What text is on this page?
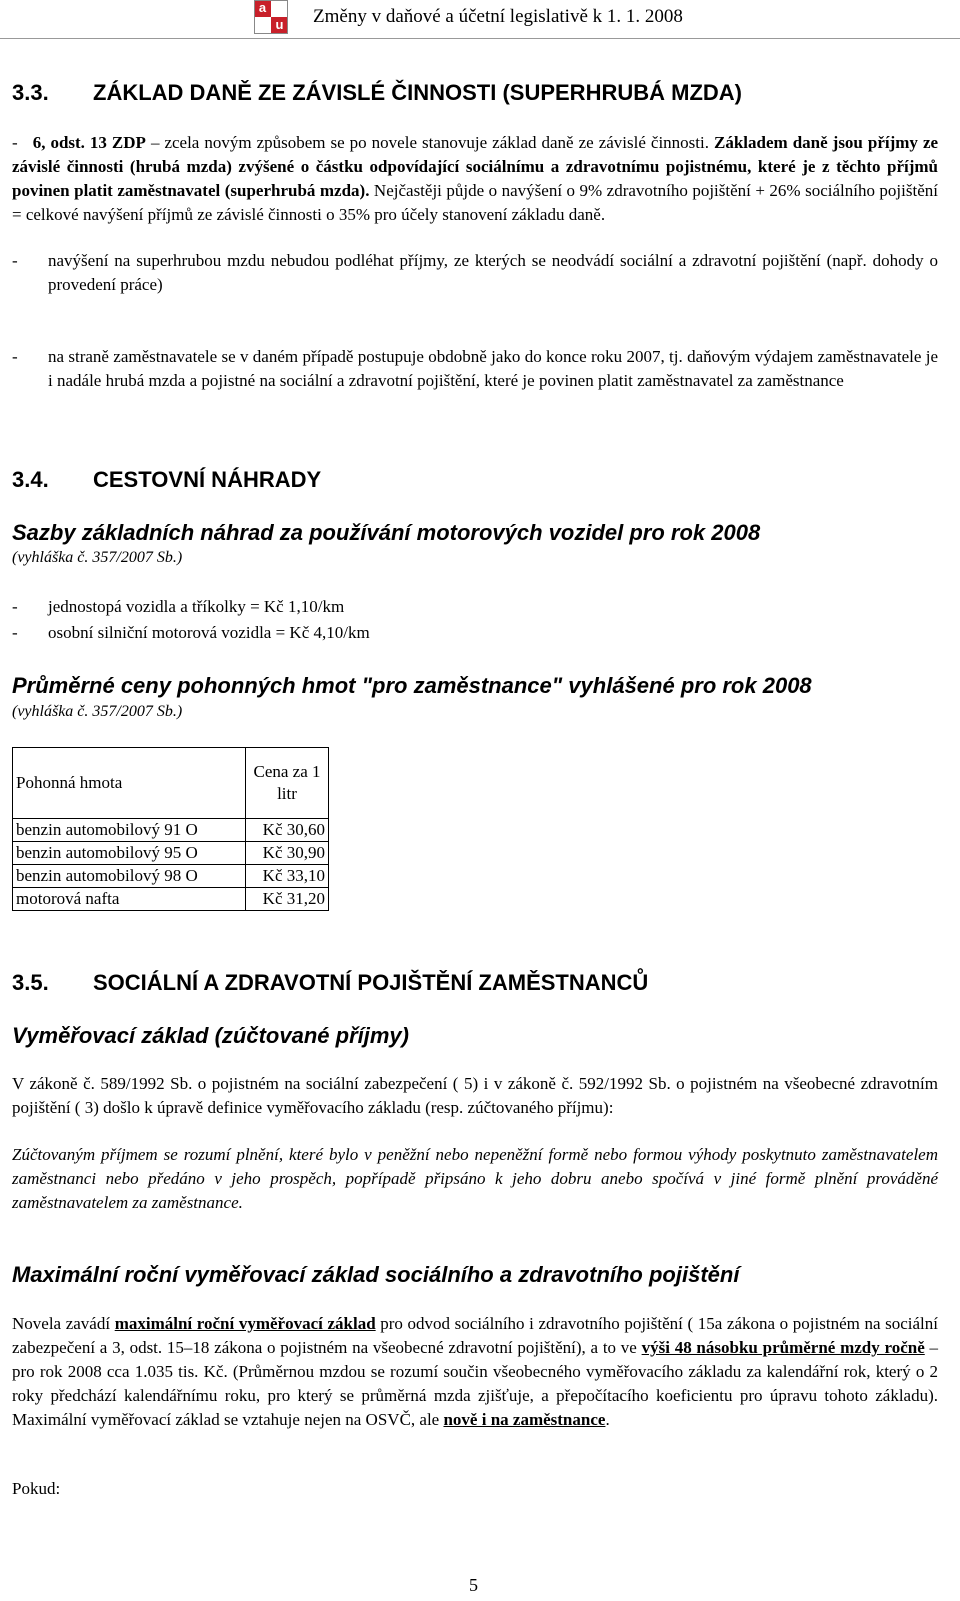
a
u Změny v daňové a účetní legislativě k 1. 1. 2008
3.3. ZÁKLAD DANĚ ZE ZÁVISLÉ ČINNOSTI (SUPERHRUBÁ MZDA)

- 6, odst. 13 ZDP – zcela novým způsobem se po novele stanovuje základ daně ze závislé činnosti. Základem daně jsou příjmy ze závislé činnosti (hrubá mzda) zvýšené o částku odpovídající sociálnímu a zdravotnímu pojistnému, které je z těchto příjmů povinen platit zaměstnavatel (superhrubá mzda). Nejčastěji půjde o navýšení o 9% zdravotního pojištění + 26% sociálního pojištění = celkové navýšení příjmů ze závislé činnosti o 35% pro účely stanovení základu daně.

-	navýšení na superhrubou mzdu nebudou podléhat příjmy, ze kterých se neodvádí sociální a zdravotní pojištění (např. dohody o provedení práce)
-	na straně zaměstnavatele se v daném případě postupuje obdobně jako do konce roku 2007, tj. daňovým výdajem zaměstnavatele je i nadále hrubá mzda a pojistné na sociální a zdravotní pojištění, které je povinen platit zaměstnavatel za zaměstnance
3.4. CESTOVNÍ NÁHRADY
Sazby základních náhrad za používání motorových vozidel pro rok 2008
(vyhláška č. 357/2007 Sb.)
-	jednostopá vozidla a tříkolky = Kč 1,10/km
-	osobní silniční motorová vozidla = Kč 4,10/km
Průměrné ceny pohonných hmot "pro zaměstnance" vyhlášené pro rok 2008
(vyhláška č. 357/2007 Sb.)
Pohonná hmota	Cena za 1 litr
benzin automobilový 91 O	Kč 30,60
benzin automobilový 95 O	Kč 30,90
benzin automobilový 98 O	Kč 33,10
motorová nafta	Kč 31,20
3.5. SOCIÁLNÍ A ZDRAVOTNÍ POJIŠTĚNÍ ZAMĚSTNANCŮ
Vyměřovací základ (zúčtované příjmy)

V zákoně č. 589/1992 Sb. o pojistném na sociální zabezpečení ( 5) i v zákoně č. 592/1992 Sb. o pojistném na všeobecné zdravotním pojištění ( 3) došlo k úpravě definice vyměřovacího základu (resp. zúčtovaného příjmu):

Zúčtovaným příjmem se rozumí plnění, které bylo v peněžní nebo nepeněžní formě nebo formou výhody poskytnuto zaměstnavatelem zaměstnanci nebo předáno v jeho prospěch, popřípadě připsáno k jeho dobru anebo spočívá v jiné formě plnění prováděné zaměstnavatelem za zaměstnance.

Maximální roční vyměřovací základ sociálního a zdravotního pojištění

Novela zavádí maximální roční vyměřovací základ pro odvod sociálního i zdravotního pojištění ( 15a zákona o pojistném na sociální zabezpečení a 3, odst. 15–18 zákona o pojistném na všeobecné zdravotní pojištění), a to ve výši 48 násobku průměrné mzdy ročně – pro rok 2008 cca 1.035 tis. Kč. (Průměrnou mzdou se rozumí součin všeobecného vyměřovacího základu za kalendářní rok, který o 2 roky předchází kalendářnímu roku, pro který se průměrná mzda zjišťuje, a přepočítacího koeficientu pro úpravu tohoto základu). Maximální vyměřovací základ se vztahuje nejen na OSVČ, ale nově i na zaměstnance.

Pokud:

5
